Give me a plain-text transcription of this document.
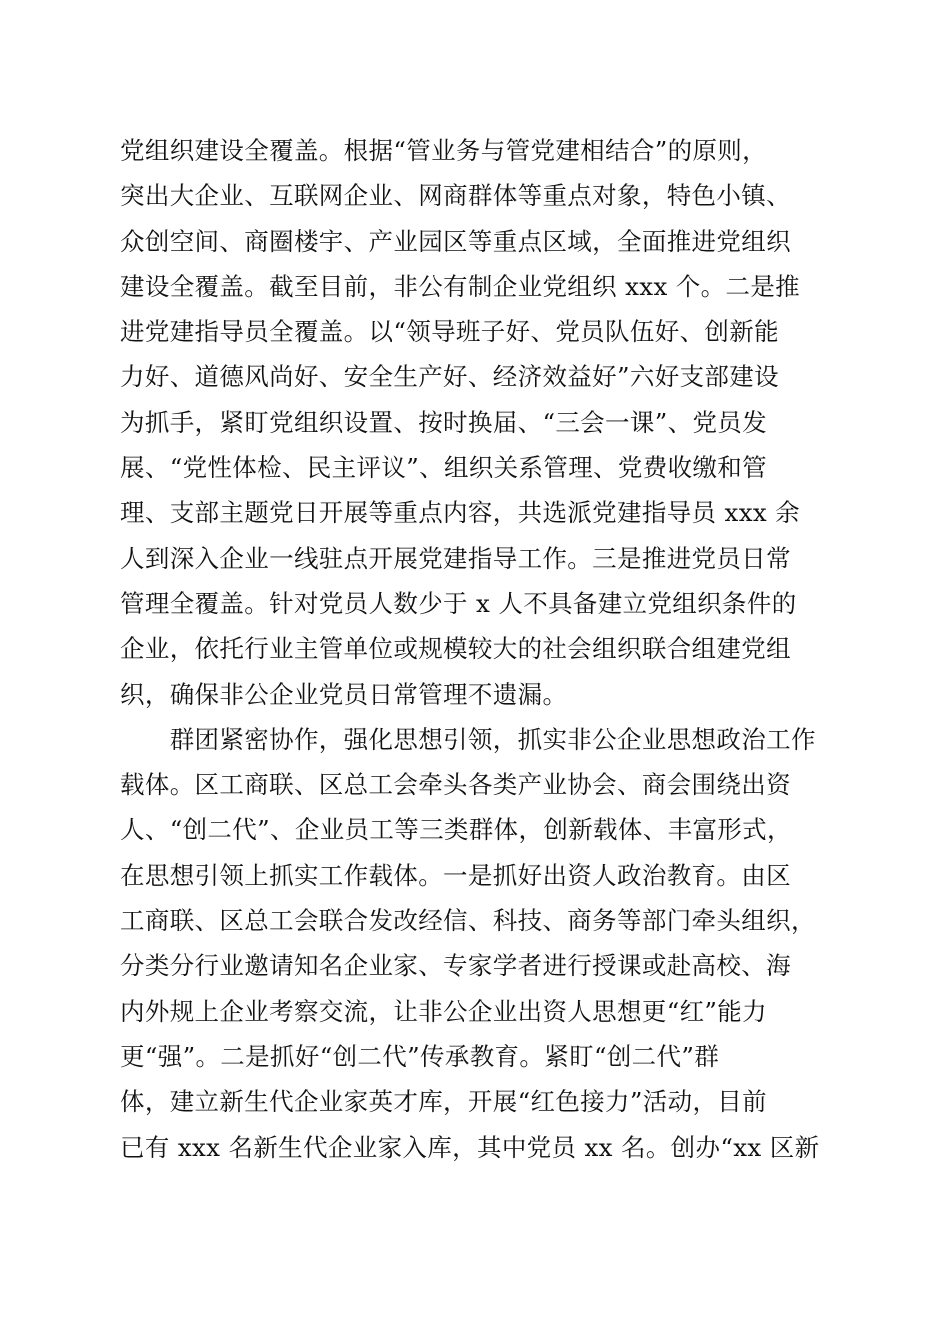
党组织建设全覆盖。根据“管业务与管党建相结合”的原则，
突出大企业、互联网企业、网商群体等重点对象，特色小镇、
众创空间、商圈楼宇、产业园区等重点区域，全面推进党组织
建设全覆盖。截至目前，非公有制企业党组织 xxx 个。二是推
进党建指导员全覆盖。以“领导班子好、党员队伍好、创新能
力好、道德风尚好、安全生产好、经济效益好”六好支部建设
为抓手，紧盯党组织设置、按时换届、“三会一课”、党员发
展、“党性体检、民主评议”、组织关系管理、党费收缴和管
理、支部主题党日开展等重点内容，共选派党建指导员 xxx 余
人到深入企业一线驻点开展党建指导工作。三是推进党员日常
管理全覆盖。针对党员人数少于 x 人不具备建立党组织条件的
企业，依托行业主管单位或规模较大的社会组织联合组建党组
织，确保非公企业党员日常管理不遗漏。
　　群团紧密协作，强化思想引领，抓实非公企业思想政治工作
载体。区工商联、区总工会牵头各类产业协会、商会围绕出资
人、“创二代”、企业员工等三类群体，创新载体、丰富形式，
在思想引领上抓实工作载体。一是抓好出资人政治教育。由区
工商联、区总工会联合发改经信、科技、商务等部门牵头组织，
分类分行业邀请知名企业家、专家学者进行授课或赴高校、海
内外规上企业考察交流，让非公企业出资人思想更“红”能力
更“强”。二是抓好“创二代”传承教育。紧盯“创二代”群
体，建立新生代企业家英才库，开展“红色接力”活动，目前
已有 xxx 名新生代企业家入库，其中党员 xx 名。创办“xx 区新
